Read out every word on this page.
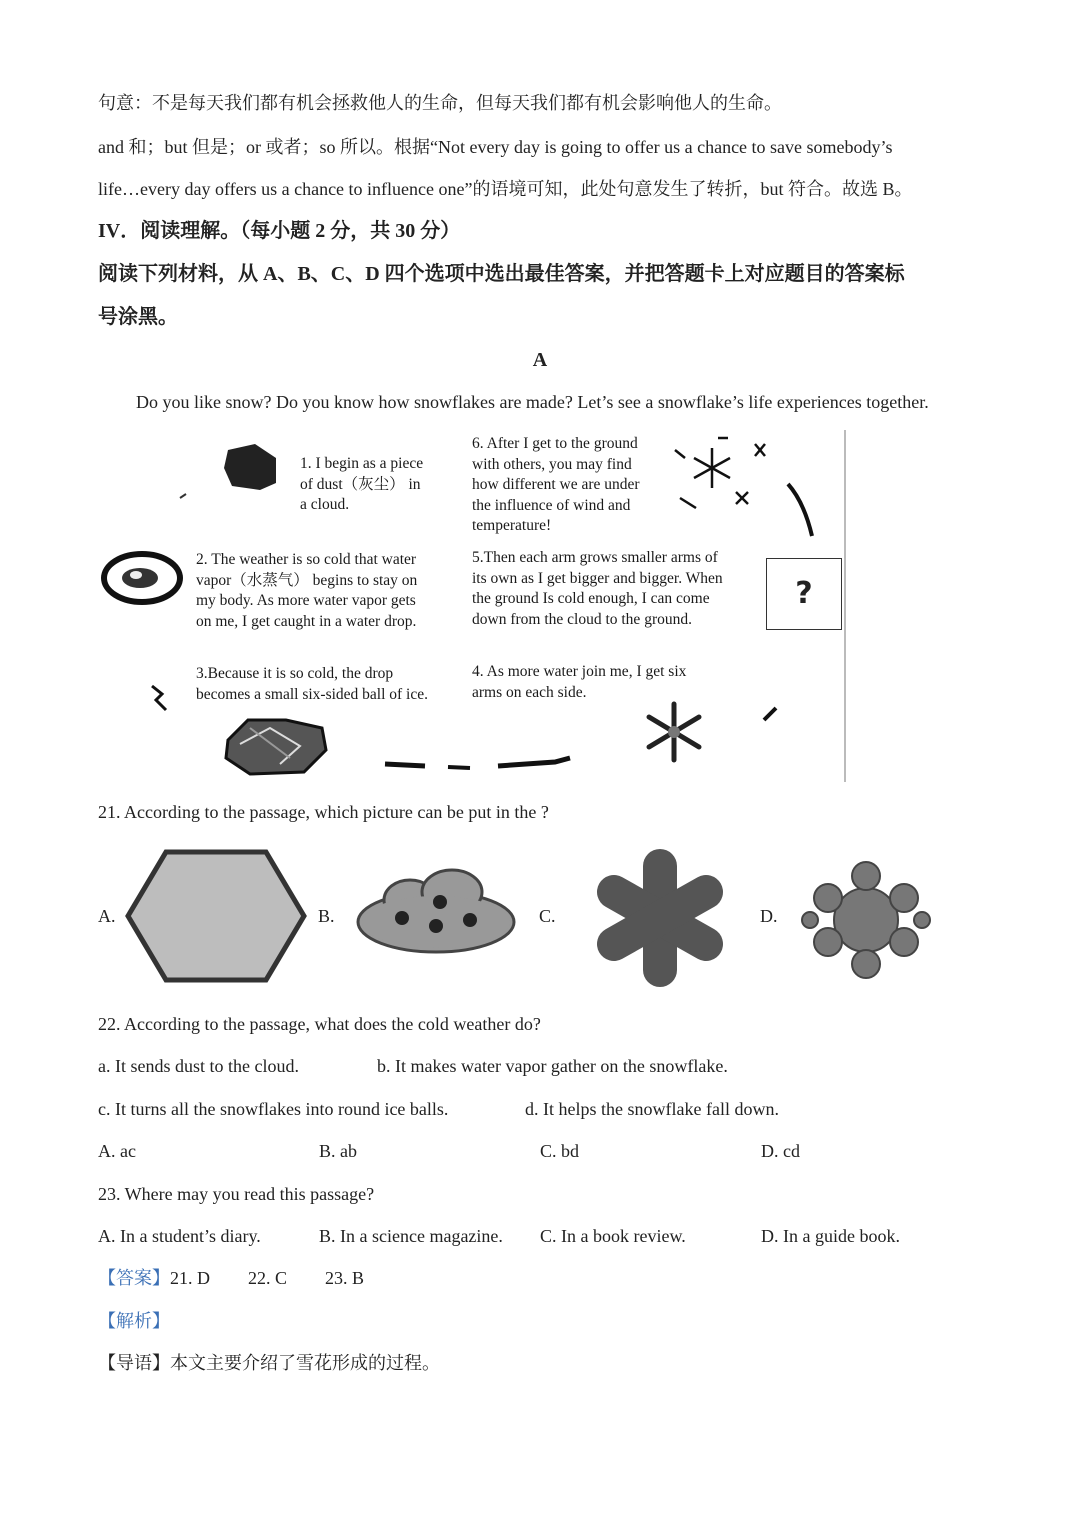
句意：不是每天我们都有机会拯救他人的生命，但每天我们都有机会影响他人的生命。
and 和；but 但是；or 或者；so 所以。根据“Not every day is going to offer us a chance to save somebody’s
life…every day offers us a chance to influence one”的语境可知，此处句意发生了转折，but 符合。故选 B。
IV．阅读理解。（每小题 2 分，共 30 分）
阅读下列材料，从 A、B、C、D 四个选项中选出最佳答案，并把答题卡上对应题目的答案标
号涂黑。
A
Do you like snow? Do you know how snowflakes are made? Let’s see a snowflake’s life experiences together.
1. I begin as a piece
of dust（灰尘） in
a cloud.
2. The weather is so cold that water
vapor（水蒸气） begins to stay on
my body. As more water vapor gets
on me, I get caught in a water drop.
3.Because it is so cold, the drop
becomes a small six-sided ball of ice.
4. As more water join me, I get six
arms on each side.
5.Then each arm grows smaller arms of
its own as I get bigger and bigger. When
the ground Is cold enough, I can come
down from the cloud to the ground.
6. After I get to the ground
with others, you may find
how different we are under
the influence of wind and
temperature!
?
21. According to the passage, which picture can be put in the ?
A.	B.	C.	D.
22. According to the passage, what does the cold weather do?
a. It sends dust to the cloud.	b. It makes water vapor gather on the snowflake.
c. It turns all the snowflakes into round ice balls.	d. It helps the snowflake fall down.
A. ac	B. ab	C. bd	D. cd
23. Where may you read this passage?
A. In a student’s diary.	B. In a science magazine. C. In a book review.	D. In a guide book.
【答案】21. D 22. C 23. B
【解析】
【导语】本文主要介绍了雪花形成的过程。
